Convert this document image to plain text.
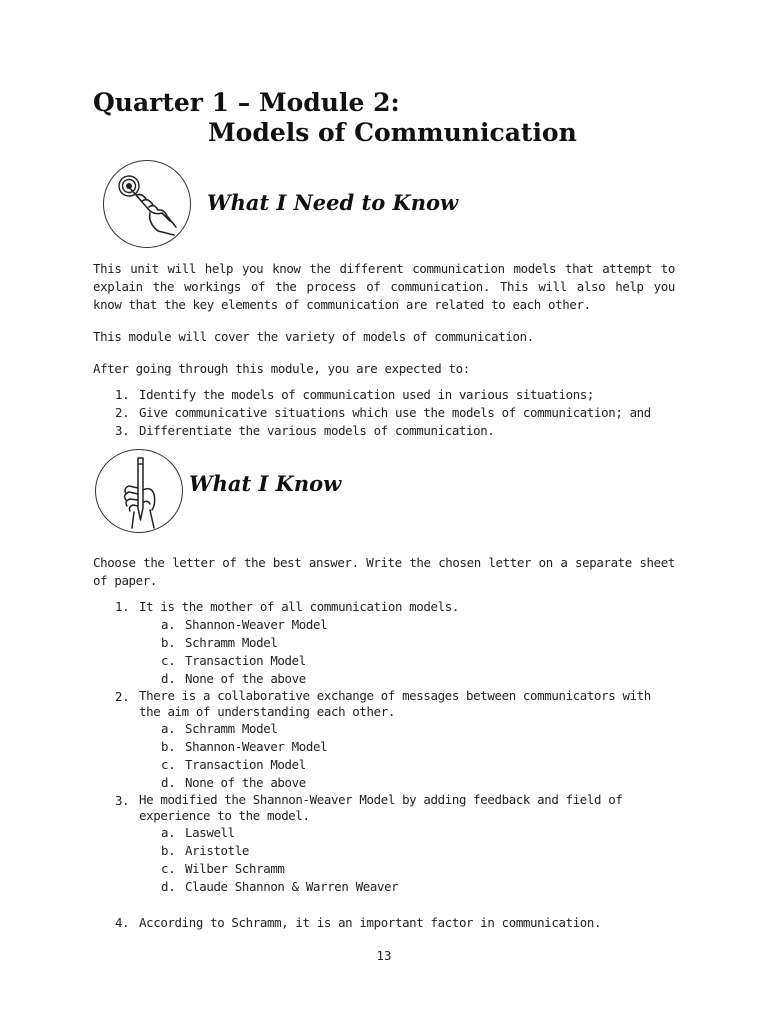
Quarter 1 – Module 2:
Models of Communication
What I Need to Know

This unit will help you know the different communication models that attempt to explain the workings of the process of communication. This will also help you know that the key elements of communication are related to each other.

This module will cover the variety of models of communication.

After going through this module, you are expected to:

1. Identify the models of communication used in various situations;
2. Give communicative situations which use the models of communication; and
3. Differentiate the various models of communication.
What I Know

Choose the letter of the best answer. Write the chosen letter on a separate sheet of paper.

1. It is the mother of all communication models.
a. Shannon-Weaver Model
b. Schramm Model
c. Transaction Model
d. None of the above
2. There is a collaborative exchange of messages between communicators with the aim of understanding each other.
a. Schramm Model
b. Shannon-Weaver Model
c. Transaction Model
d. None of the above
3. He modified the Shannon-Weaver Model by adding feedback and field of experience to the model.
a. Laswell
b. Aristotle
c. Wilber Schramm
d. Claude Shannon & Warren Weaver
4. According to Schramm, it is an important factor in communication.
13
